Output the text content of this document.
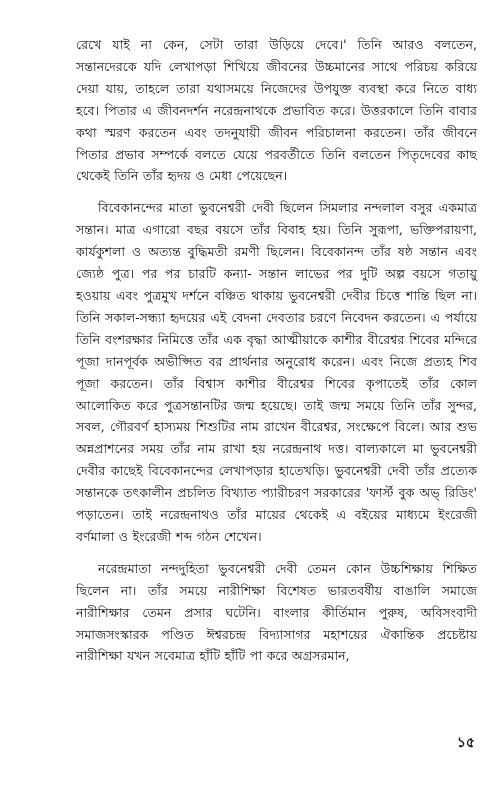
রেখে যাই না কেন, সেটা তারা উড়িয়ে দেবে।' তিনি আরও বলতেন, সন্তানদেরকে যদি লেখাপড়া শিখিয়ে জীবনের উচ্চমানের সাথে পরিচয় করিয়ে দেয়া যায়, তাহলে তারা যথাসময়ে নিজেদের উপযুক্ত ব্যবস্থা করে নিতে বাধ্য হবে। পিতার এ জীবনদর্শন নরেন্দ্রনাথকে প্রভাবিত করে। উত্তরকালে তিনি বাবার কথা স্মরণ করতেন এবং তদনুযায়ী জীবন পরিচালনা করতেন। তাঁর জীবনে পিতার প্রভাব সম্পর্কে বলতে যেয়ে পরবর্তীতে তিনি বলতেন পিতৃদেবের কাছ থেকেই তিনি তাঁর হৃদয় ও মেধা পেয়েছেন।

বিবেকানন্দের মাতা ভুবনেশ্বরী দেবী ছিলেন সিমলার নন্দলাল বসুর একমাত্র সন্তান। মাত্র এগারো বছর বয়সে তাঁর বিবাহ হয়। তিনি সুরূপা, ভক্তিপরায়ণা, কার্যকুশলা ও অত্যন্ত বুদ্ধিমতী রমণী ছিলেন। বিবেকানন্দ তাঁর ষষ্ঠ সন্তান এবং জ্যেষ্ঠ পুত্র। পর পর চারটি কন্যা- সন্তান লাভের পর দুটি অল্প বয়সে গতায়ু হওয়ায় এবং পুত্রমুখ দর্শনে বঞ্চিত থাকায় ভুবনেশ্বরী দেবীর চিত্তে শান্তি ছিল না। তিনি সকাল-সন্ধ্যা হৃদয়ের এই বেদনা দেবতার চরণে নিবেদন করতেন। এ পর্যায়ে তিনি বংশরক্ষার নিমিত্তে তাঁর এক বৃদ্ধা আত্মীয়াকে কাশীর বীরেশ্বর শিবের মন্দিরে পূজা দানপূর্বক অভীপ্সিত বর প্রার্থনার অনুরোধ করেন। এবং নিজে প্রত্যহ শিব পূজা করতেন। তাঁর বিশ্বাস কাশীর বীরেশ্বর শিবের কৃপাতেই তাঁর কোল আলোকিত করে পুত্রসন্তানটির জন্ম হয়েছে। তাই জন্ম সময়ে তিনি তাঁর সুন্দর, সবল, গৌরবর্ণ হাস্যময় শিশুটির নাম রাখেন বীরেশ্বর, সংক্ষেপে বিলে। আর শুভ অন্নপ্রাশনের সময় তাঁর নাম রাখা হয় নরেন্দ্রনাথ দত্ত। বাল্যকালে মা ভুবনেশ্বরী দেবীর কাছেই বিবেকানন্দের লেখাপড়ার হাতেখড়ি। ভুবনেশ্বরী দেবী তাঁর প্রত্যেক সন্তানকে তৎকালীন প্রচলিত বিখ্যাত প্যারীচরণ সরকারের 'ফার্স্ট বুক অভ্ রিডিং' পড়াতেন। তাই নরেন্দ্রনাথও তাঁর মায়ের থেকেই এ বইয়ের মাধ্যমে ইংরেজী বর্ণমালা ও ইংরেজী শব্দ গঠন শেখেন।

নরেন্দ্রমাতা নন্দদুহিতা ভুবনেশ্বরী দেবী তেমন কোন উচ্চশিক্ষায় শিক্ষিত ছিলেন না। তাঁর সময়ে নারীশিক্ষা বিশেষত ভারতবর্ষীয় বাঙালি সমাজে নারীশিক্ষার তেমন প্রসার ঘটেনি। বাংলার কীর্তিমান পুরুষ, অবিসংবাদী সমাজসংস্কারক পণ্ডিত ঈশ্বরচন্দ্র বিদ্যাসাগর মহাশয়ের ঐকান্তিক প্রচেষ্টায় নারীশিক্ষা যখন সবেমাত্র হাঁটি হাঁটি পা করে অগ্রসরমান,

১৫
